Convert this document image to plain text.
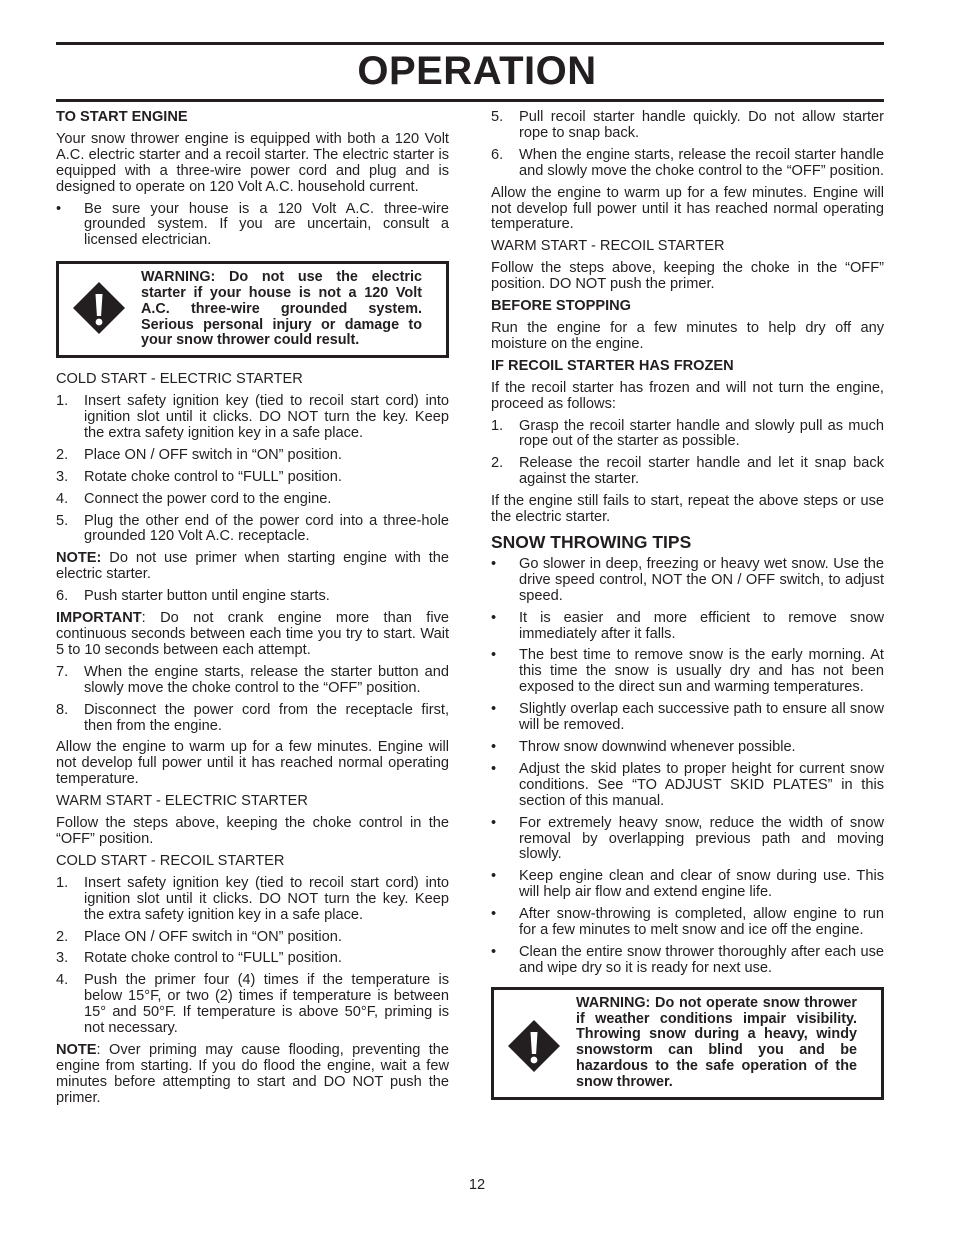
OPERATION
TO START ENGINE
Your snow thrower engine is equipped with both a 120 Volt A.C. electric starter and a recoil starter. The electric starter is equipped with a three-wire power cord and plug and is designed to operate on 120 Volt A.C. household current.
• Be sure your house is a 120 Volt A.C. three-wire grounded system. If you are uncertain, consult a licensed electrician.
WARNING: Do not use the electric starter if your house is not a 120 Volt A.C. three-wire grounded system. Serious personal injury or damage to your snow thrower could result.
COLD START - ELECTRIC STARTER
1. Insert safety ignition key (tied to recoil start cord) into ignition slot until it clicks. DO NOT turn the key. Keep the extra safety ignition key in a safe place.
2. Place ON / OFF switch in “ON” position.
3. Rotate choke control to “FULL” position.
4. Connect the power cord to the engine.
5. Plug the other end of the power cord into a three-hole grounded 120 Volt A.C. receptacle.
NOTE: Do not use primer when starting engine with the electric starter.
6. Push starter button until engine starts.
IMPORTANT: Do not crank engine more than five continuous seconds between each time you try to start. Wait 5 to 10 seconds between each attempt.
7. When the engine starts, release the starter button and slowly move the choke control to the “OFF” position.
8. Disconnect the power cord from the receptacle first, then from the engine.
Allow the engine to warm up for a few minutes. Engine will not develop full power until it has reached normal operating temperature.
WARM START - ELECTRIC STARTER
Follow the steps above, keeping the choke control in the “OFF” position.
COLD START - RECOIL STARTER
1. Insert safety ignition key (tied to recoil start cord) into ignition slot until it clicks. DO NOT turn the key. Keep the extra safety ignition key in a safe place.
2. Place ON / OFF switch in “ON” position.
3. Rotate choke control to “FULL” position.
4. Push the primer four (4) times if the temperature is below 15°F, or two (2) times if temperature is between 15° and 50°F. If temperature is above 50°F, priming is not necessary.
NOTE: Over priming may cause flooding, preventing the engine from starting. If you do flood the engine, wait a few minutes before attempting to start and DO NOT push the primer.
5. Pull recoil starter handle quickly. Do not allow starter rope to snap back.
6. When the engine starts, release the recoil starter handle and slowly move the choke control to the “OFF” position.
Allow the engine to warm up for a few minutes. Engine will not develop full power until it has reached normal operating temperature.
WARM START - RECOIL STARTER
Follow the steps above, keeping the choke in the “OFF” position. DO NOT push the primer.
BEFORE STOPPING
Run the engine for a few minutes to help dry off any moisture on the engine.
IF RECOIL STARTER HAS FROZEN
If the recoil starter has frozen and will not turn the engine, proceed as follows:
1. Grasp the recoil starter handle and slowly pull as much rope out of the starter as possible.
2. Release the recoil starter handle and let it snap back against the starter.
If the engine still fails to start, repeat the above steps or use the electric starter.
SNOW THROWING TIPS
• Go slower in deep, freezing or heavy wet snow. Use the drive speed control, NOT the ON / OFF switch, to adjust speed.
• It is easier and more efficient to remove snow immediately after it falls.
• The best time to remove snow is the early morning. At this time the snow is usually dry and has not been exposed to the direct sun and warming temperatures.
• Slightly overlap each successive path to ensure all snow will be removed.
• Throw snow downwind whenever possible.
• Adjust the skid plates to proper height for current snow conditions. See “TO ADJUST SKID PLATES” in this section of this manual.
• For extremely heavy snow, reduce the width of snow removal by overlapping previous path and moving slowly.
• Keep engine clean and clear of snow during use. This will help air flow and extend engine life.
• After snow-throwing is completed, allow engine to run for a few minutes to melt snow and ice off the engine.
• Clean the entire snow thrower thoroughly after each use and wipe dry so it is ready for next use.
WARNING: Do not operate snow thrower if weather conditions impair visibility. Throwing snow during a heavy, windy snowstorm can blind you and be hazardous to the safe operation of the snow thrower.
12
